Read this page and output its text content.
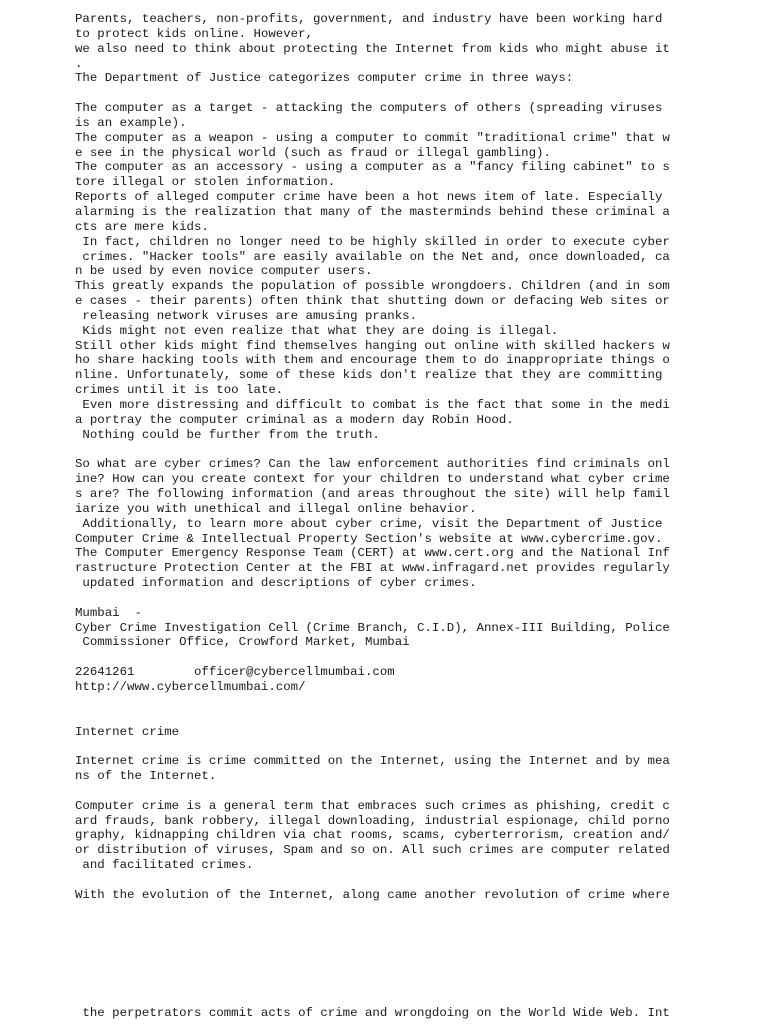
Parents, teachers, non-profits, government, and industry have been working hard
to protect kids online. However,
we also need to think about protecting the Internet from kids who might abuse it
.
The Department of Justice categorizes computer crime in three ways:

The computer as a target - attacking the computers of others (spreading viruses
is an example).
The computer as a weapon - using a computer to commit "traditional crime" that w
e see in the physical world (such as fraud or illegal gambling).
The computer as an accessory - using a computer as a "fancy filing cabinet" to s
tore illegal or stolen information.
Reports of alleged computer crime have been a hot news item of late. Especially
alarming is the realization that many of the masterminds behind these criminal a
cts are mere kids.
In fact, children no longer need to be highly skilled in order to execute cyber
crimes. "Hacker tools" are easily available on the Net and, once downloaded, ca
n be used by even novice computer users.
This greatly expands the population of possible wrongdoers. Children (and in som
e cases - their parents) often think that shutting down or defacing Web sites or
releasing network viruses are amusing pranks.
Kids might not even realize that what they are doing is illegal.
Still other kids might find themselves hanging out online with skilled hackers w
ho share hacking tools with them and encourage them to do inappropriate things o
nline. Unfortunately, some of these kids don't realize that they are committing
crimes until it is too late.
Even more distressing and difficult to combat is the fact that some in the medi
a portray the computer criminal as a modern day Robin Hood.
Nothing could be further from the truth.

So what are cyber crimes? Can the law enforcement authorities find criminals onl
ine? How can you create context for your children to understand what cyber crime
s are? The following information (and areas throughout the site) will help famil
iarize you with unethical and illegal online behavior.
Additionally, to learn more about cyber crime, visit the Department of Justice
Computer Crime & Intellectual Property Section's website at www.cybercrime.gov.
The Computer Emergency Response Team (CERT) at www.cert.org and the National Inf
rastructure Protection Center at the FBI at www.infragard.net provides regularly
updated information and descriptions of cyber crimes.

Mumbai  -
Cyber Crime Investigation Cell (Crime Branch, C.I.D), Annex-III Building, Police
Commissioner Office, Crowford Market, Mumbai

22641261        officer@cybercellmumbai.com
http://www.cybercellmumbai.com/

Internet crime

Internet crime is crime committed on the Internet, using the Internet and by mea
ns of the Internet.

Computer crime is a general term that embraces such crimes as phishing, credit c
ard frauds, bank robbery, illegal downloading, industrial espionage, child porno
graphy, kidnapping children via chat rooms, scams, cyberterrorism, creation and/
or distribution of viruses, Spam and so on. All such crimes are computer related
and facilitated crimes.

With the evolution of the Internet, along came another revolution of crime where

the perpetrators commit acts of crime and wrongdoing on the World Wide Web. Int
